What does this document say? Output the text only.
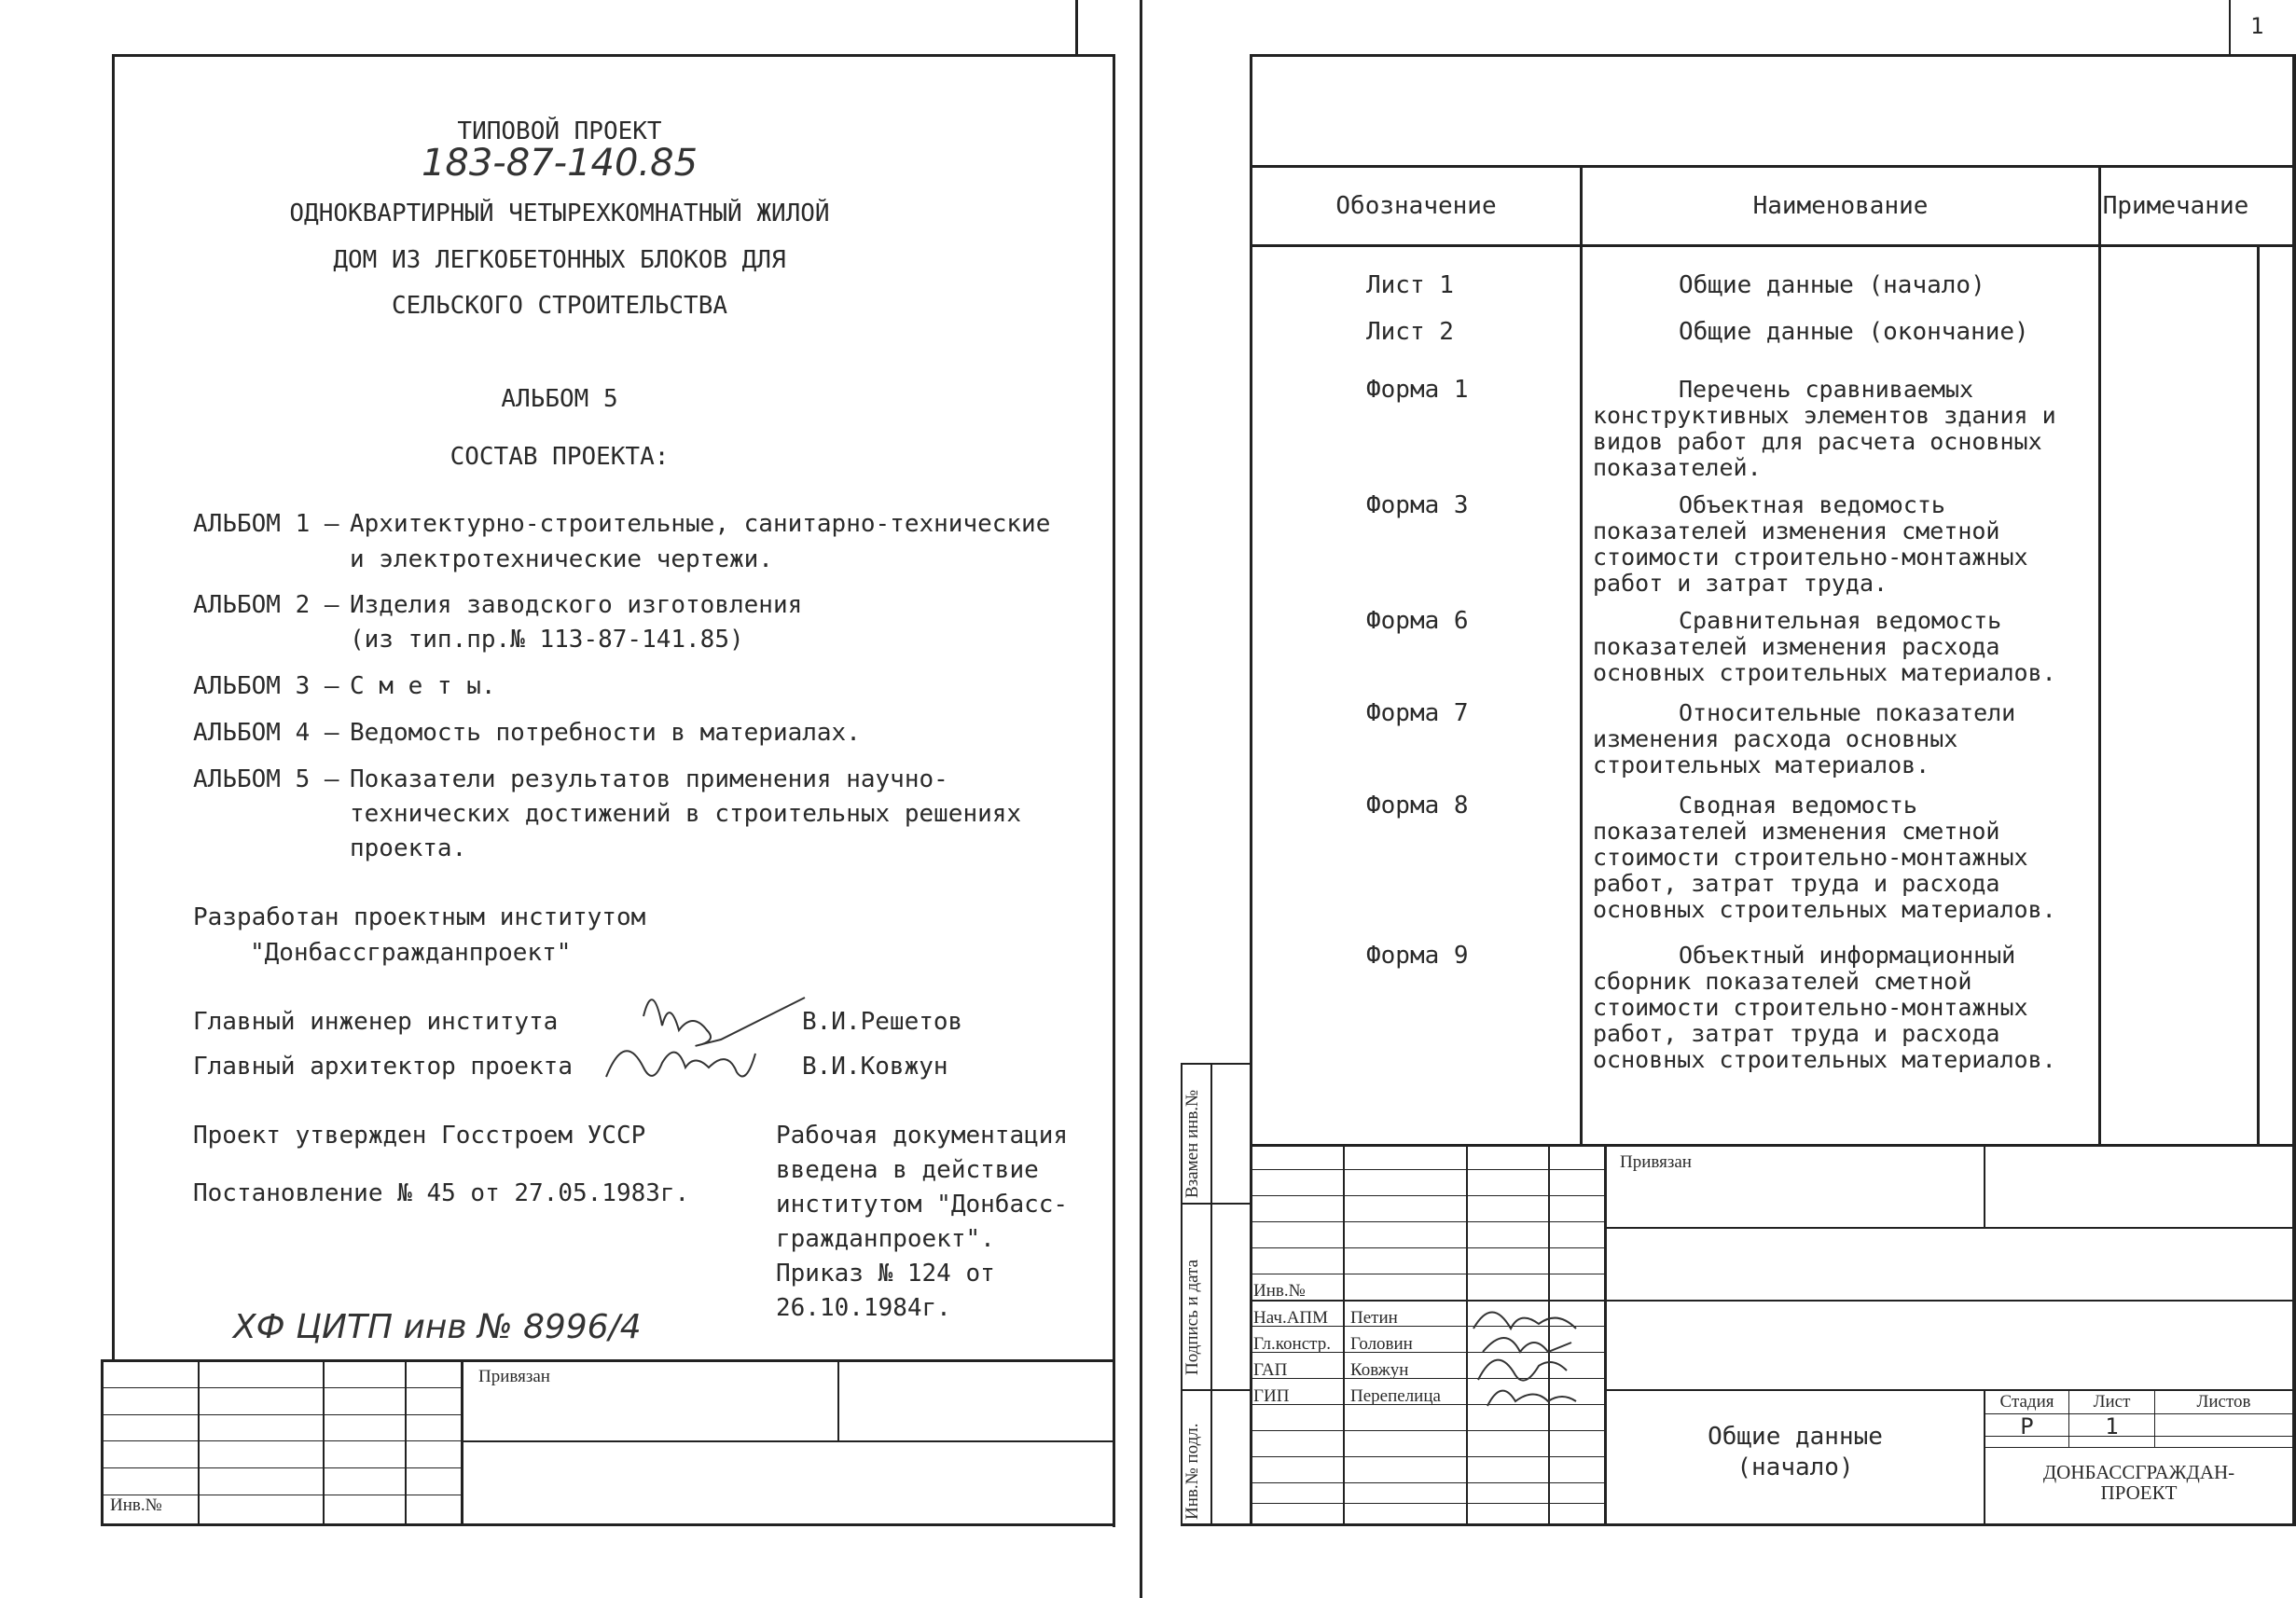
ТИПОВОЙ ПРОЕКТ
183-87-140.85
ОДНОКВАРТИРНЫЙ ЧЕТЫРЕХКОМНАТНЫЙ ЖИЛОЙ
ДОМ ИЗ ЛЕГКОБЕТОННЫХ БЛОКОВ ДЛЯ
СЕЛЬСКОГО СТРОИТЕЛЬСТВА
АЛЬБОМ 5
СОСТАВ ПРОЕКТА:
АЛЬБОМ 1 – Архитектурно-строительные, санитарно-технические
и электротехнические чертежи.
АЛЬБОМ 2 – Изделия заводского изготовления
(из тип.пр.№ 113-87-141.85)
АЛЬБОМ 3 – С м е т ы.
АЛЬБОМ 4 – Ведомость потребности в материалах.
АЛЬБОМ 5 – Показатели результатов применения научно-
технических достижений в строительных решениях
проекта.
Разработан проектным институтом
"Донбассгражданпроект"
Главный инженер института	В.И.Решетов
Главный архитектор проекта	В.И.Ковжун
Проект утвержден Госстроем УССР
Постановление № 45 от 27.05.1983г.
Рабочая документация
введена в действие
институтом "Донбасс-
гражданпроект".
Приказ № 124 от
26.10.1984г.
ХФ ЦИТП инв № 8996/4
Привязан
Инв.№
1
Обозначение	Наименование	Примечание
Лист 1	Общие данные (начало)
Лист 2	Общие данные (окончание)
Форма 1	Перечень сравниваемых конструктивных элементов здания и видов работ для расчета основных показателей.
Форма 3	Объектная ведомость показателей изменения сметной стоимости строительно-монтажных работ и затрат труда.
Форма 6	Сравнительная ведомость показателей изменения расхода основных строительных материалов.
Форма 7	Относительные показатели изменения расхода основных строительных материалов.
Форма 8	Сводная ведомость показателей изменения сметной стоимости строительно-монтажных работ, затрат труда и расхода основных строительных материалов.
Форма 9	Объектный информационный сборник показателей сметной стоимости строительно-монтажных работ, затрат труда и расхода основных строительных материалов.
Взамен инв.№
Подпись и дата
Инв.№ подл.
Привязан
Инв.№
Нач.АПМ Петин
Гл.констр. Головин
ГАП	Ковжун
ГИП	Перепелица
Общие данные
(начало)
Стадия	Лист	Листов
Р	1
ДОНБАССГРАЖДАН-
ПРОЕКТ
